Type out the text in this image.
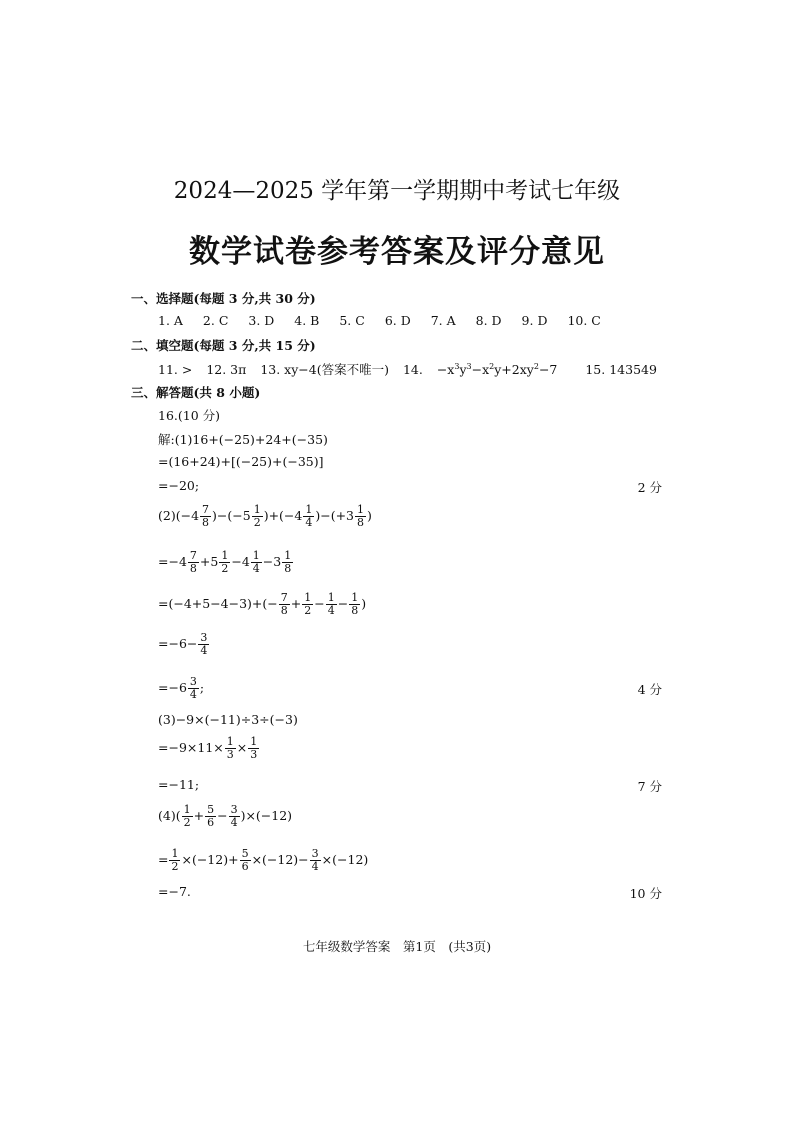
2024—2025 学年第一学期期中考试七年级
数学试卷参考答案及评分意见
一、选择题(每题 3 分,共 30 分)
1. A 2. C 3. D 4. B 5. C 6. D 7. A 8. D 9. D 10. C
二、填空题(每题 3 分,共 15 分)
11. > 12. 3π 13. xy−4(答案不唯一) 14. $-x^3y^3-x^2y+2xy^2-7$ 15. 143549
三、解答题(共 8 小题)
16.(10 分)
解:(1)16+(−25)+24+(−35)
=(16+24)+[(−25)+(−35)]
=−20;	2 分
$(2)(-4 \frac{7}{8} )-(-5 \frac{1}{2} )+(-4 \frac{1}{4} )-(+3 \frac{1}{8}$ )
$=-4 \frac{7}{8} +5 \frac{1}{2} -4 \frac{1}{4} -3 \frac{1}{8}$
$=(-4+5-4-3)+(- \frac{7}{8} + \frac{1}{2} - \frac{1}{4} - \frac{1}{8}$ )
$=-6- \frac{3}{4}$
$=-6 \frac{3}{4}$ ;	4 分
(3)−9×(−11)÷3÷(−3)
$=-9\times 11\times \frac{1}{3} \times \frac{1}{3}$
=−11;	7 分
$(4)( \frac{1}{2} + \frac{5}{6} - \frac{3}{4} )\times(-12)$
= $\frac{1}{2} \times(-12)+ \frac{5}{6} \times(-12)- \frac{3}{4} \times(-12)$
=−7.	10 分
七年级数学答案　第1页　(共3页)
